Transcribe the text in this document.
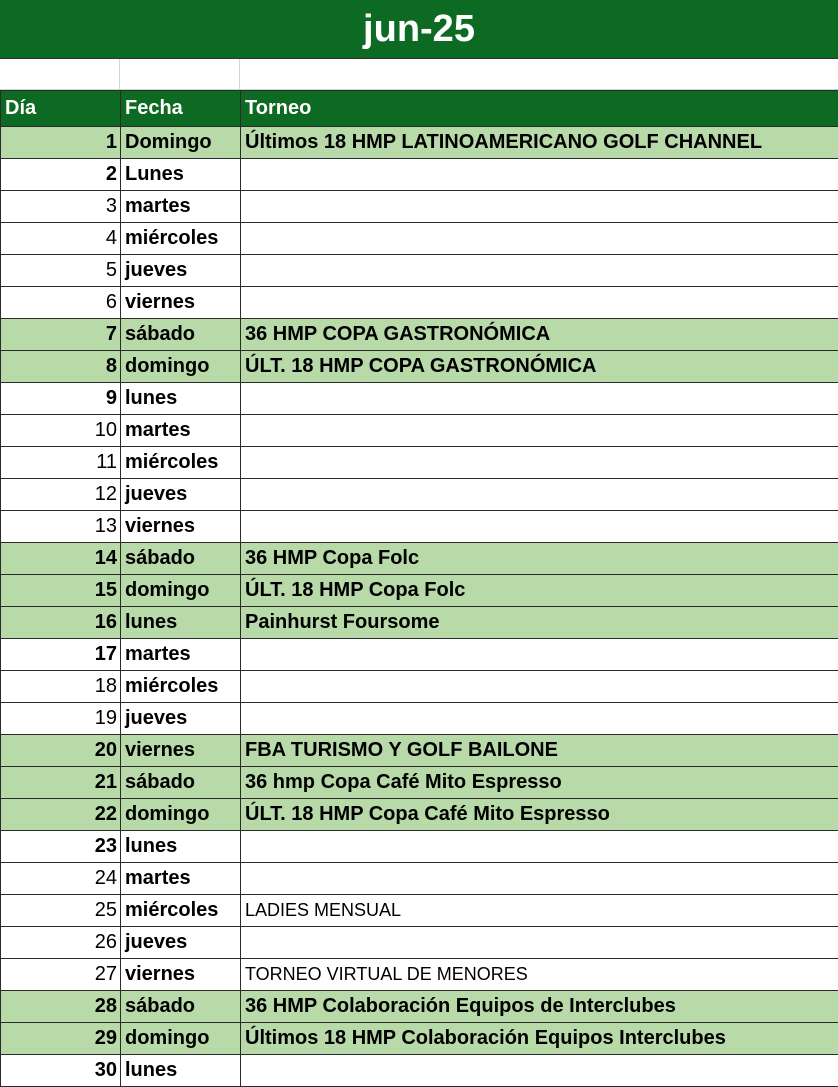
jun-25
Día	Fecha	Torneo
1	Domingo	Últimos 18 HMP LATINOAMERICANO GOLF CHANNEL
2	Lunes	
3	martes	
4	miércoles	
5	jueves	
6	viernes	
7	sábado	36 HMP COPA GASTRONÓMICA
8	domingo	ÚLT. 18 HMP COPA GASTRONÓMICA
9	lunes	
10	martes	
11	miércoles	
12	jueves	
13	viernes	
14	sábado	36 HMP Copa Folc
15	domingo	ÚLT. 18 HMP Copa Folc
16	lunes	Painhurst Foursome
17	martes	
18	miércoles	
19	jueves	
20	viernes	FBA TURISMO Y GOLF BAILONE
21	sábado	36 hmp Copa Café Mito Espresso
22	domingo	ÚLT. 18 HMP Copa Café Mito Espresso
23	lunes	
24	martes	
25	miércoles	LADIES MENSUAL
26	jueves	
27	viernes	TORNEO VIRTUAL DE MENORES
28	sábado	36 HMP Colaboración Equipos de Interclubes
29	domingo	Últimos 18 HMP Colaboración Equipos Interclubes
30	lunes	
